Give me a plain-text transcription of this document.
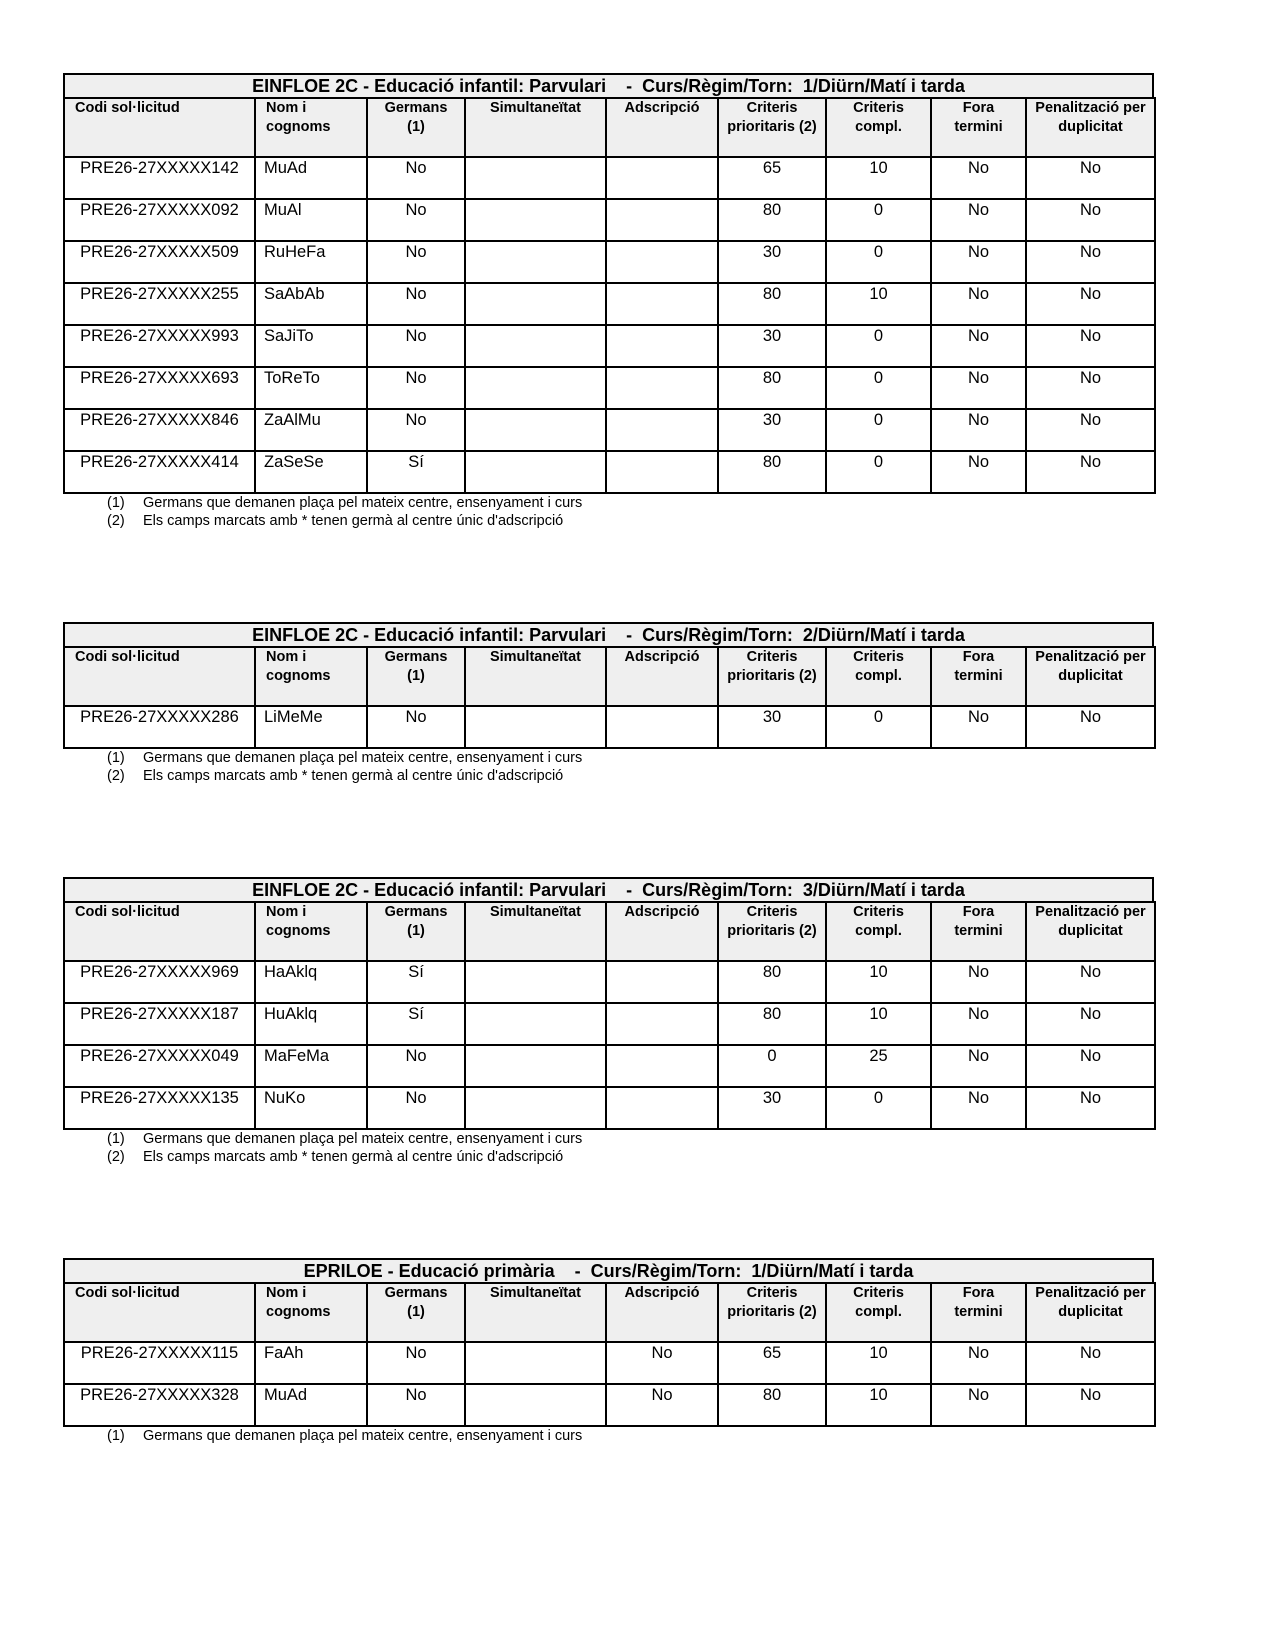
EINFLOE 2C - Educació infantil: Parvulari    -  Curs/Règim/Torn:  1/Diürn/Matí i tarda
Codi sol·licitud	Nom i cognoms	Germans (1)	Simultaneïtat	Adscripció	Criteris prioritaris (2)	Criteris compl.	Fora termini	Penalització per duplicitat
PRE26-27XXXXX142	MuAd	No			65	10	No	No
PRE26-27XXXXX092	MuAl	No			80	0	No	No
PRE26-27XXXXX509	RuHeFa	No			30	0	No	No
PRE26-27XXXXX255	SaAbAb	No			80	10	No	No
PRE26-27XXXXX993	SaJiTo	No			30	0	No	No
PRE26-27XXXXX693	ToReTo	No			80	0	No	No
PRE26-27XXXXX846	ZaAlMu	No			30	0	No	No
PRE26-27XXXXX414	ZaSeSe	Sí			80	0	No	No
(1) Germans que demanen plaça pel mateix centre, ensenyament i curs
(2) Els camps marcats amb * tenen germà al centre únic d'adscripció
EINFLOE 2C - Educació infantil: Parvulari    -  Curs/Règim/Torn:  2/Diürn/Matí i tarda
Codi sol·licitud	Nom i cognoms	Germans (1)	Simultaneïtat	Adscripció	Criteris prioritaris (2)	Criteris compl.	Fora termini	Penalització per duplicitat
PRE26-27XXXXX286	LiMeMe	No			30	0	No	No
(1) Germans que demanen plaça pel mateix centre, ensenyament i curs
(2) Els camps marcats amb * tenen germà al centre únic d'adscripció
EINFLOE 2C - Educació infantil: Parvulari    -  Curs/Règim/Torn:  3/Diürn/Matí i tarda
Codi sol·licitud	Nom i cognoms	Germans (1)	Simultaneïtat	Adscripció	Criteris prioritaris (2)	Criteris compl.	Fora termini	Penalització per duplicitat
PRE26-27XXXXX969	HaAklq	Sí			80	10	No	No
PRE26-27XXXXX187	HuAklq	Sí			80	10	No	No
PRE26-27XXXXX049	MaFeMa	No			0	25	No	No
PRE26-27XXXXX135	NuKo	No			30	0	No	No
(1) Germans que demanen plaça pel mateix centre, ensenyament i curs
(2) Els camps marcats amb * tenen germà al centre únic d'adscripció
EPRILOE - Educació primària    -  Curs/Règim/Torn:  1/Diürn/Matí i tarda
Codi sol·licitud	Nom i cognoms	Germans (1)	Simultaneïtat	Adscripció	Criteris prioritaris (2)	Criteris compl.	Fora termini	Penalització per duplicitat
PRE26-27XXXXX115	FaAh	No		No	65	10	No	No
PRE26-27XXXXX328	MuAd	No		No	80	10	No	No
(1) Germans que demanen plaça pel mateix centre, ensenyament i curs
